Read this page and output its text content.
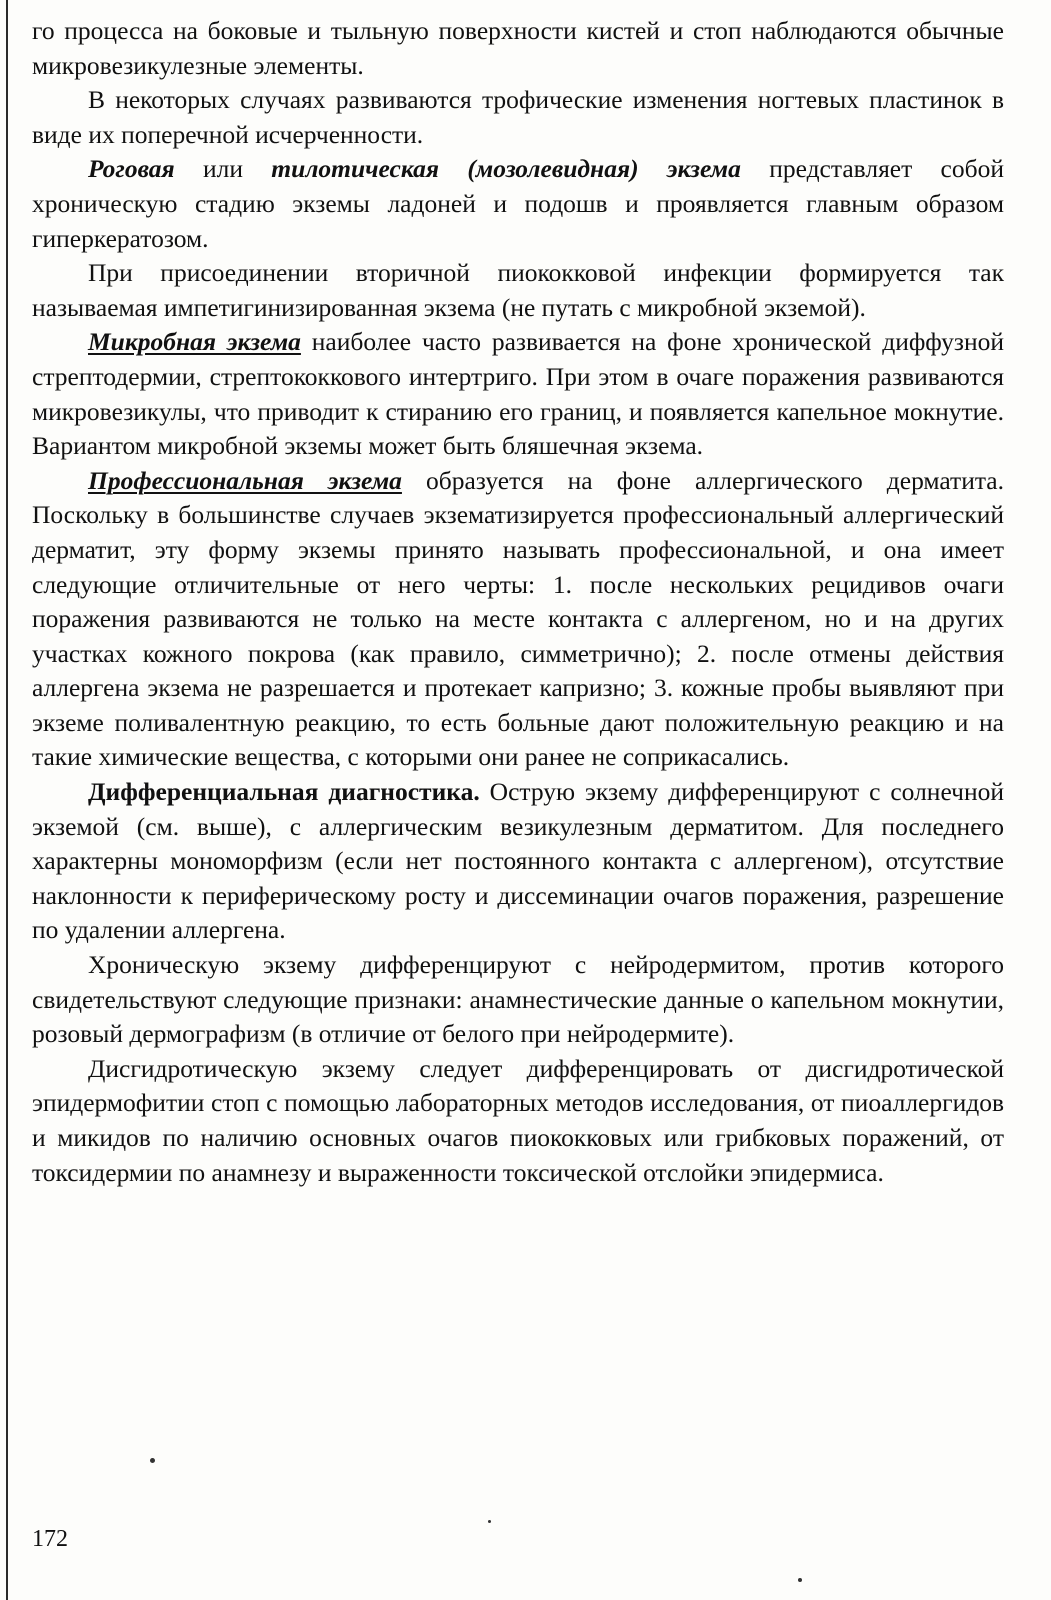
го процесса на боковые и тыльную поверхности кистей и стоп наблюдаются обычные микровезикулезные элементы.

В некоторых случаях развиваются трофические изменения ногтевых пластинок в виде их поперечной исчерченности.

Роговая или тилотическая (мозолевидная) экзема представляет собой хроническую стадию экземы ладоней и подошв и проявляется главным образом гиперкератозом.

При присоединении вторичной пиококковой инфекции формируется так называемая импетигинизированная экзема (не путать с микробной экземой).

Микробная экзема наиболее часто развивается на фоне хронической диффузной стрептодермии, стрептококкового интертриго. При этом в очаге поражения развиваются микровезикулы, что приводит к стиранию его границ, и появляется капельное мокнутие. Вариантом микробной экземы может быть бляшечная экзема.

Профессиональная экзема образуется на фоне аллергического дерматита. Поскольку в большинстве случаев экзематизируется профессиональный аллергический дерматит, эту форму экземы принято называть профессиональной, и она имеет следующие отличительные от него черты: 1. после нескольких рецидивов очаги поражения развиваются не только на месте контакта с аллергеном, но и на других участках кожного покрова (как правило, симметрично); 2. после отмены действия аллергена экзема не разрешается и протекает капризно; 3. кожные пробы выявляют при экземе поливалентную реакцию, то есть больные дают положительную реакцию и на такие химические вещества, с которыми они ранее не соприкасались.

Дифференциальная диагностика. Острую экзему дифференцируют с солнечной экземой (см. выше), с аллергическим везикулезным дерматитом. Для последнего характерны мономорфизм (если нет постоянного контакта с аллергеном), отсутствие наклонности к периферическому росту и диссеминации очагов поражения, разрешение по удалении аллергена.

Хроническую экзему дифференцируют с нейродермитом, против которого свидетельствуют следующие признаки: анамнестические данные о капельном мокнутии, розовый дермографизм (в отличие от белого при нейродермите).

Дисгидротическую экзему следует дифференцировать от дисгидротической эпидермофитии стоп с помощью лабораторных методов исследования, от пиоаллергидов и микидов по наличию основных очагов пиококковых или грибковых поражений, от токсидермии по анамнезу и выраженности токсической отслойки эпидермиса.

172
